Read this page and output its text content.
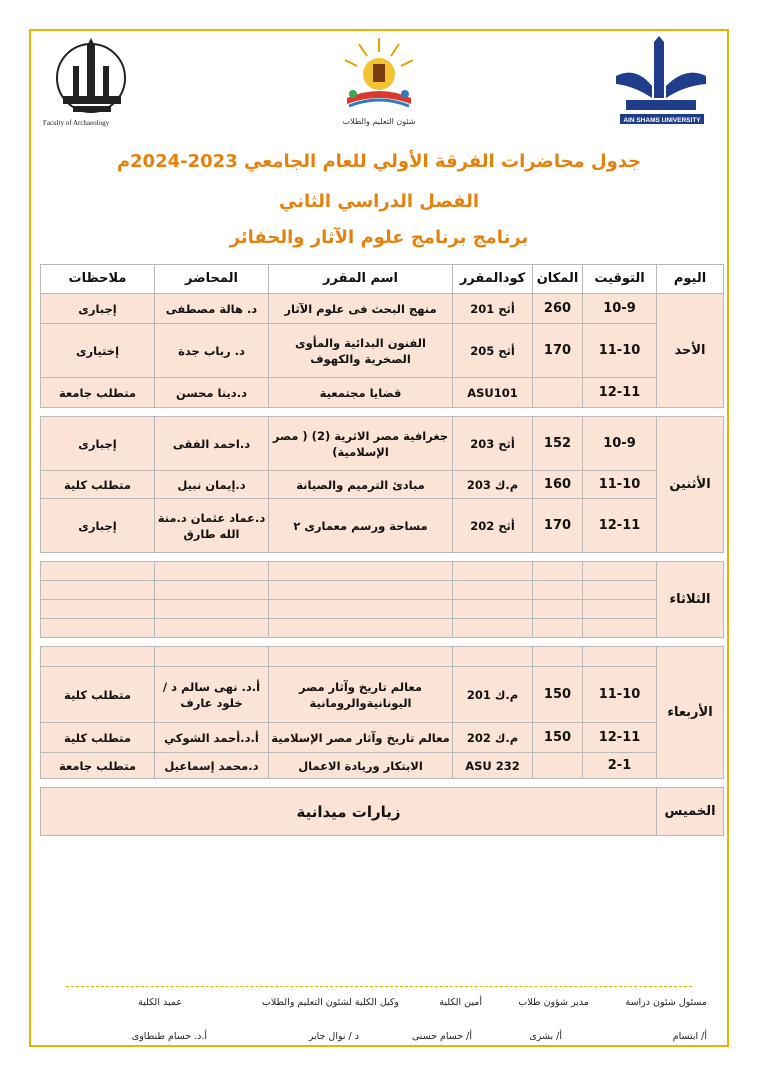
Faculty of Archaeology	شئون التعليم والطلاب	AIN SHAMS UNIVERSITY
جدول محاضرات الفرقة الأولي للعام الجامعي 2023-2024م
الفصل الدراسي الثاني
برنامج برنامج علوم الآثار والحفائر
اليوم	التوقيت	المكان	كودالمقرر	اسم المقرر	المحاضر	ملاحظات
الأحد	10-9	260	أثح 201	منهج البحث فى علوم الآثار	د. هالة مصطفى	إجبارى
	11-10	170	أثح 205	الفنون البدائية والمأوى الصخرية والكهوف	د. رباب جدة	إختيارى
	12-11		ASU101	قضايا مجتمعية	د.دينا محسن	متطلب جامعة

الأثنين	10-9	152	أثح 203	جغرافية مصر الاثرية (2) ( مصر الإسلامية)	د.احمد الفقى	إجبارى
	11-10	160	م.ك 203	مبادئ الترميم والصيانة	د.إيمان نبيل	متطلب كلية
	12-11	170	أثح 202	مساحة ورسم معمارى ٢	د.عماد عثمان د.منة الله طارق	إجبارى

الثلاثاء						

الأربعاء						
	11-10	150	م.ك 201	معالم تاريخ وآثار مصر اليونانيةوالرومانية	أ.د. نهى سالم د / خلود عارف	متطلب كلية
	12-11	150	م.ك 202	معالم تاريخ وآثار مصر الإسلامية	أ.د.أحمد الشوكي	متطلب كلية
	2-1		ASU 232	الابتكار وريادة الاعمال	د.محمد إسماعيل	متطلب جامعة

الخميس	زيارات ميدانية					
مسئول شئون دراسة
مدير شؤون طلاب
أمين الكلية
وكيل الكلية لشئون التعليم والطلاب
عميد الكلية
أ/ ابتسام
أ/ بشرى
أ/ حسام حسنى
د / نوال جابر
أ.د. حسام طنطاوى
